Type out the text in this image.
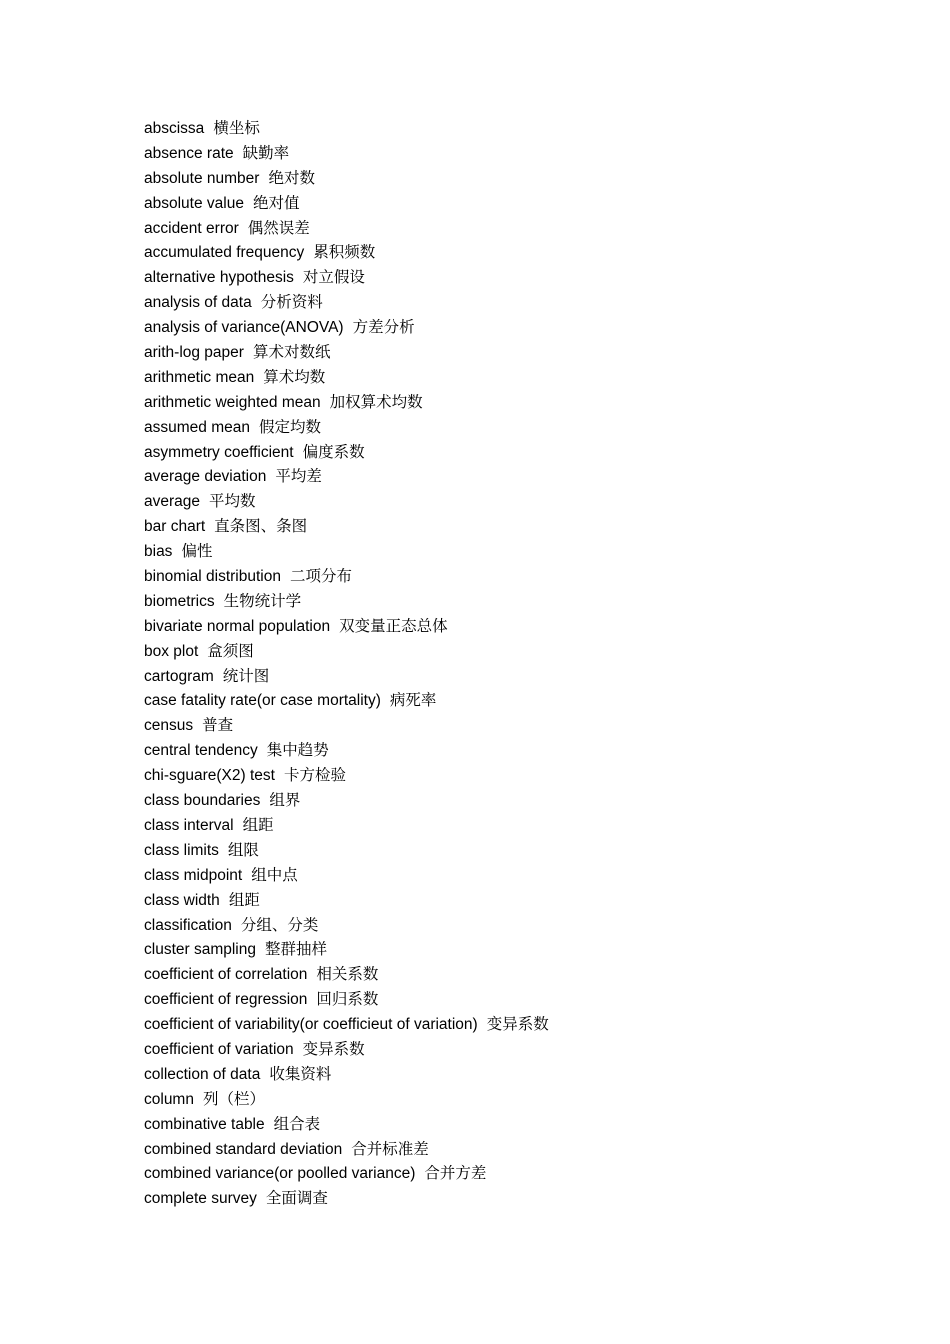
abscissa 横坐标
absence rate 缺勤率
absolute number 绝对数
absolute value 绝对值
accident error 偶然误差
accumulated frequency 累积频数
alternative hypothesis 对立假设
analysis of data 分析资料
analysis of variance(ANOVA) 方差分析
arith-log paper 算术对数纸
arithmetic mean 算术均数
arithmetic weighted mean 加权算术均数
assumed mean 假定均数
asymmetry coefficient 偏度系数
average deviation 平均差
average 平均数
bar chart 直条图、条图
bias 偏性
binomial distribution 二项分布
biometrics 生物统计学
bivariate normal population 双变量正态总体
box plot 盒须图
cartogram 统计图
case fatality rate(or case mortality) 病死率
census 普查
central tendency 集中趋势
chi-sguare(X2) test 卡方检验
class boundaries 组界
class interval 组距
class limits 组限
class midpoint 组中点
class width 组距
classification 分组、分类
cluster sampling 整群抽样
coefficient of correlation 相关系数
coefficient of regression 回归系数
coefficient of variability(or coefficieut of variation) 变异系数
coefficient of variation 变异系数
collection of data 收集资料
column 列（栏）
combinative table 组合表
combined standard deviation 合并标准差
combined variance(or poolled variance) 合并方差
complete survey 全面调查
